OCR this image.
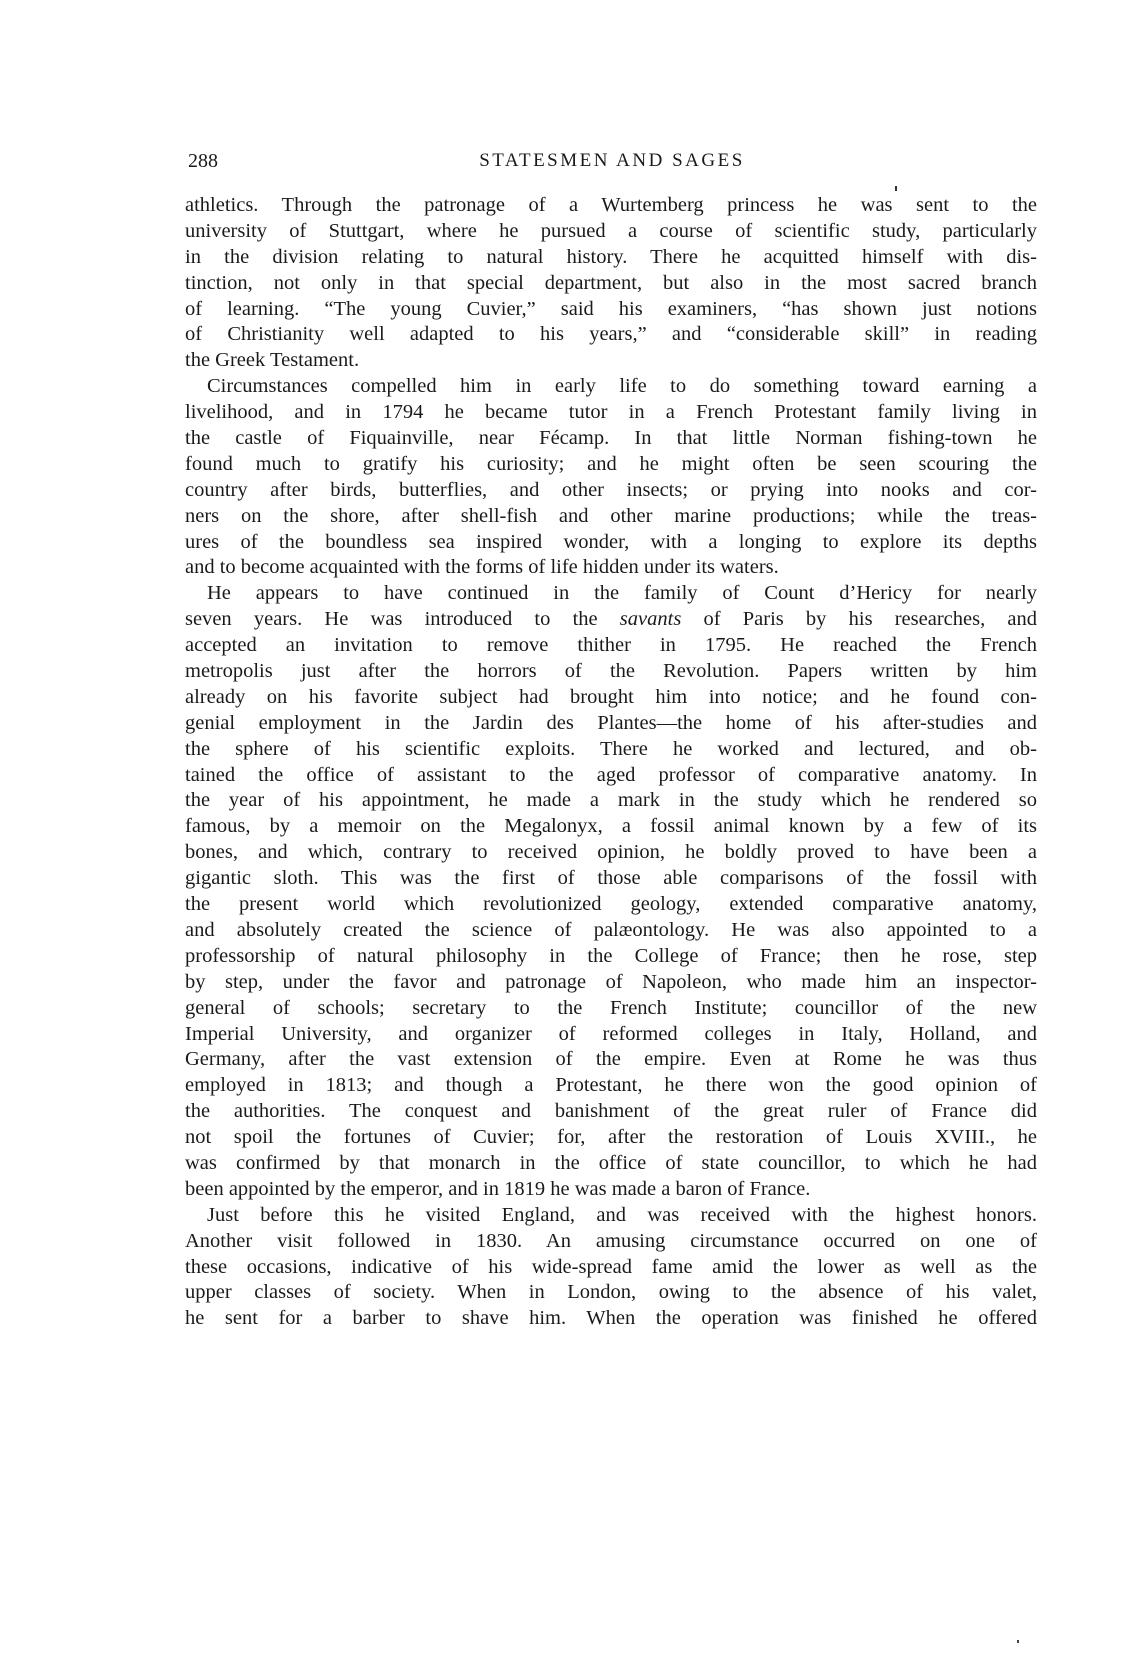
288	STATESMEN AND SAGES
athletics. Through the patronage of a Wurtemberg princess he was sent to the
university of Stuttgart, where he pursued a course of scientific study, particularly
in the division relating to natural history. There he acquitted himself with dis-
tinction, not only in that special department, but also in the most sacred branch
of learning. “The young Cuvier,” said his examiners, “has shown just notions
of Christianity well adapted to his years,” and “considerable skill” in reading
the Greek Testament.
Circumstances compelled him in early life to do something toward earning a
livelihood, and in 1794 he became tutor in a French Protestant family living in
the castle of Fiquainville, near Fécamp. In that little Norman fishing-town he
found much to gratify his curiosity; and he might often be seen scouring the
country after birds, butterflies, and other insects; or prying into nooks and cor-
ners on the shore, after shell-fish and other marine productions; while the treas-
ures of the boundless sea inspired wonder, with a longing to explore its depths
and to become acquainted with the forms of life hidden under its waters.
He appears to have continued in the family of Count d’Hericy for nearly
seven years. He was introduced to the savants of Paris by his researches, and
accepted an invitation to remove thither in 1795. He reached the French
metropolis just after the horrors of the Revolution. Papers written by him
already on his favorite subject had brought him into notice; and he found con-
genial employment in the Jardin des Plantes—the home of his after-studies and
the sphere of his scientific exploits. There he worked and lectured, and ob-
tained the office of assistant to the aged professor of comparative anatomy. In
the year of his appointment, he made a mark in the study which he rendered so
famous, by a memoir on the Megalonyx, a fossil animal known by a few of its
bones, and which, contrary to received opinion, he boldly proved to have been a
gigantic sloth. This was the first of those able comparisons of the fossil with
the present world which revolutionized geology, extended comparative anatomy,
and absolutely created the science of palæontology. He was also appointed to a
professorship of natural philosophy in the College of France; then he rose, step
by step, under the favor and patronage of Napoleon, who made him an inspector-
general of schools; secretary to the French Institute; councillor of the new
Imperial University, and organizer of reformed colleges in Italy, Holland, and
Germany, after the vast extension of the empire. Even at Rome he was thus
employed in 1813; and though a Protestant, he there won the good opinion of
the authorities. The conquest and banishment of the great ruler of France did
not spoil the fortunes of Cuvier; for, after the restoration of Louis XVIII., he
was confirmed by that monarch in the office of state councillor, to which he had
been appointed by the emperor, and in 1819 he was made a baron of France.
Just before this he visited England, and was received with the highest honors.
Another visit followed in 1830. An amusing circumstance occurred on one of
these occasions, indicative of his wide-spread fame amid the lower as well as the
upper classes of society. When in London, owing to the absence of his valet,
he sent for a barber to shave him. When the operation was finished he offered
